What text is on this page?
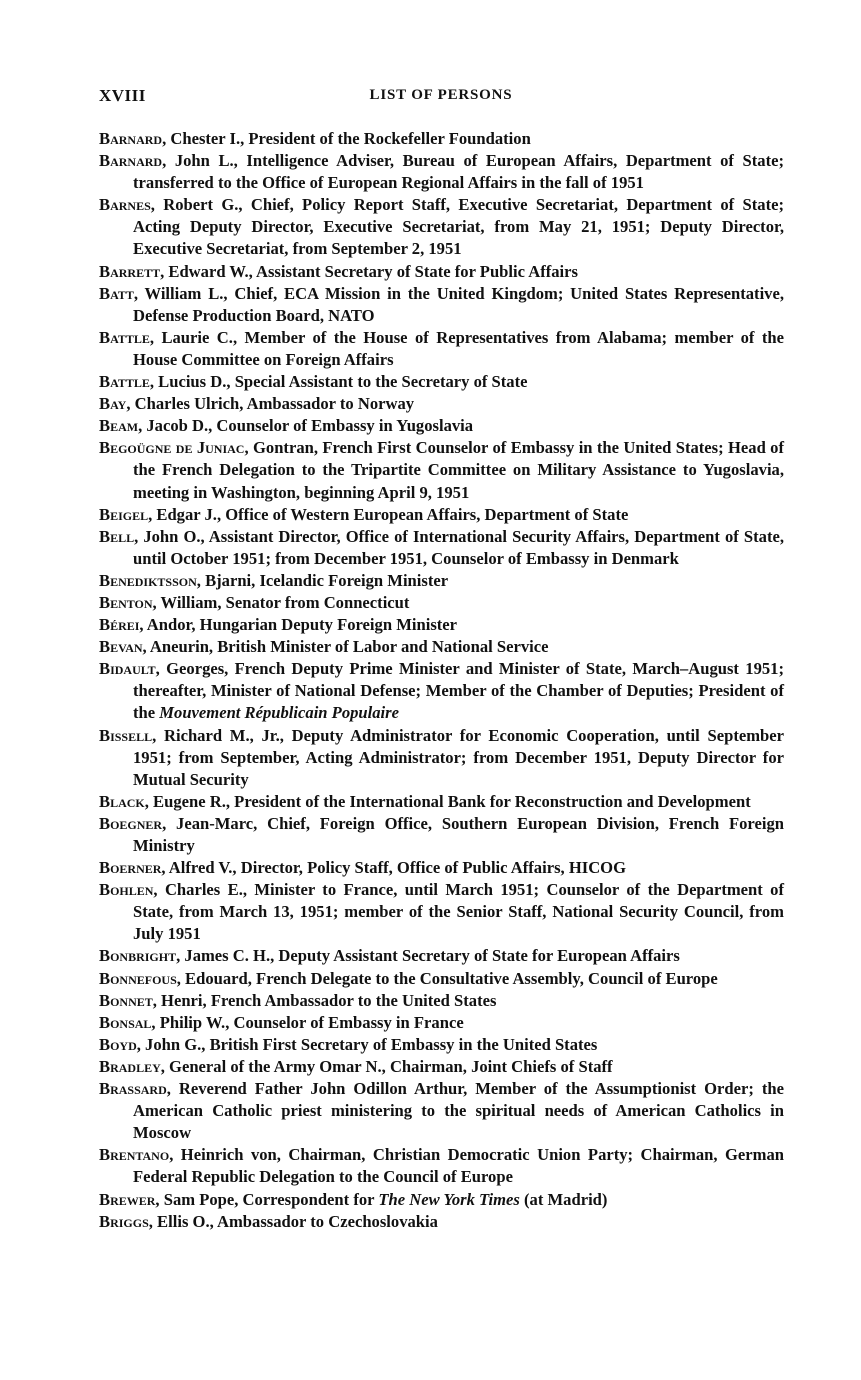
XVIII	LIST OF PERSONS
Barnard, Chester I., President of the Rockefeller Foundation
Barnard, John L., Intelligence Adviser, Bureau of European Affairs, Department of State; transferred to the Office of European Regional Affairs in the fall of 1951
Barnes, Robert G., Chief, Policy Report Staff, Executive Secretariat, Department of State; Acting Deputy Director, Executive Secretariat, from May 21, 1951; Deputy Director, Executive Secretariat, from September 2, 1951
Barrett, Edward W., Assistant Secretary of State for Public Affairs
Batt, William L., Chief, ECA Mission in the United Kingdom; United States Representative, Defense Production Board, NATO
Battle, Laurie C., Member of the House of Representatives from Alabama; member of the House Committee on Foreign Affairs
Battle, Lucius D., Special Assistant to the Secretary of State
Bay, Charles Ulrich, Ambassador to Norway
Beam, Jacob D., Counselor of Embassy in Yugoslavia
Begoügne de Juniac, Gontran, French First Counselor of Embassy in the United States; Head of the French Delegation to the Tripartite Committee on Military Assistance to Yugoslavia, meeting in Washington, beginning April 9, 1951
Beigel, Edgar J., Office of Western European Affairs, Department of State
Bell, John O., Assistant Director, Office of International Security Affairs, Department of State, until October 1951; from December 1951, Counselor of Embassy in Denmark
Benediktsson, Bjarni, Icelandic Foreign Minister
Benton, William, Senator from Connecticut
Bérei, Andor, Hungarian Deputy Foreign Minister
Bevan, Aneurin, British Minister of Labor and National Service
Bidault, Georges, French Deputy Prime Minister and Minister of State, March–August 1951; thereafter, Minister of National Defense; Member of the Chamber of Deputies; President of the Mouvement Républicain Populaire
Bissell, Richard M., Jr., Deputy Administrator for Economic Cooperation, until September 1951; from September, Acting Administrator; from December 1951, Deputy Director for Mutual Security
Black, Eugene R., President of the International Bank for Reconstruction and Development
Boegner, Jean-Marc, Chief, Foreign Office, Southern European Division, French Foreign Ministry
Boerner, Alfred V., Director, Policy Staff, Office of Public Affairs, HICOG
Bohlen, Charles E., Minister to France, until March 1951; Counselor of the Department of State, from March 13, 1951; member of the Senior Staff, National Security Council, from July 1951
Bonbright, James C. H., Deputy Assistant Secretary of State for European Affairs
Bonnefous, Edouard, French Delegate to the Consultative Assembly, Council of Europe
Bonnet, Henri, French Ambassador to the United States
Bonsal, Philip W., Counselor of Embassy in France
Boyd, John G., British First Secretary of Embassy in the United States
Bradley, General of the Army Omar N., Chairman, Joint Chiefs of Staff
Brassard, Reverend Father John Odillon Arthur, Member of the Assumptionist Order; the American Catholic priest ministering to the spiritual needs of American Catholics in Moscow
Brentano, Heinrich von, Chairman, Christian Democratic Union Party; Chairman, German Federal Republic Delegation to the Council of Europe
Brewer, Sam Pope, Correspondent for The New York Times (at Madrid)
Briggs, Ellis O., Ambassador to Czechoslovakia
